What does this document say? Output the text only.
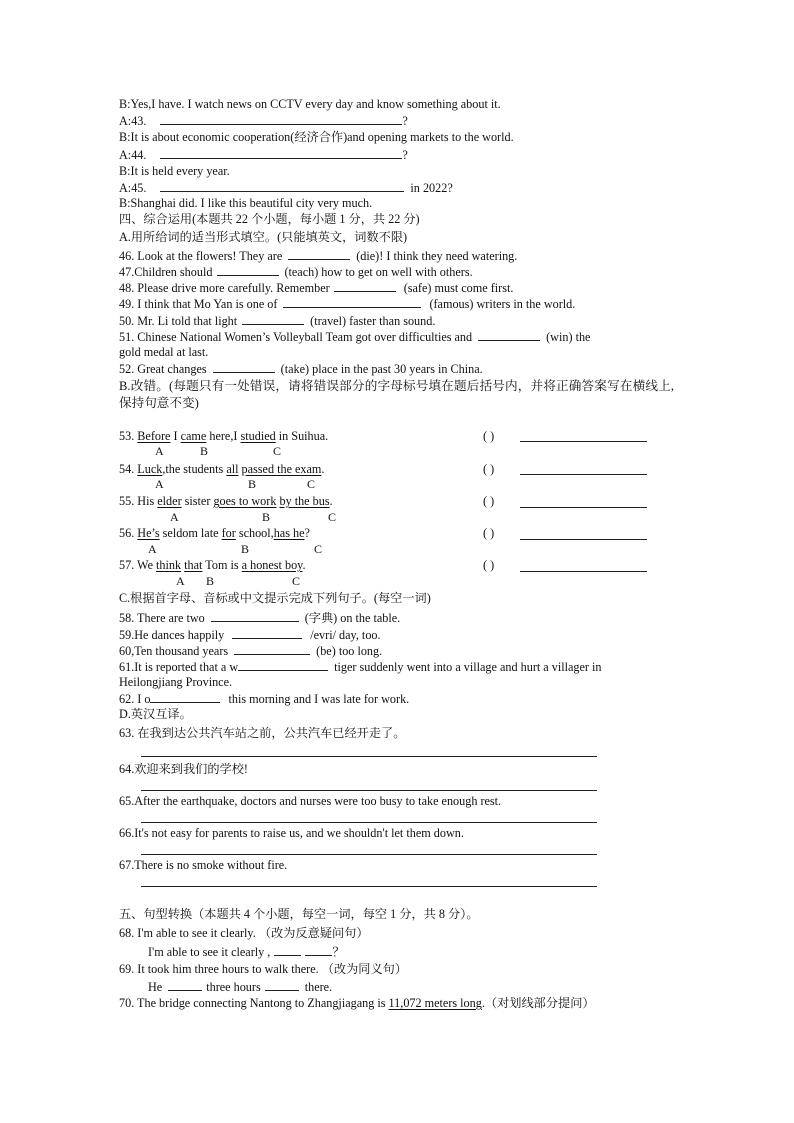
B:Yes,I have. I watch news on CCTV every day and know something about it.
A:43.	?
B:It is about economic cooperation(经济合作)and opening markets to the world.
A:44.	?
B:It is held every year.
A:45.	in 2022?
B:Shanghai did. I like this beautiful city very much.
四、综合运用(本题共 22 个小题，每小题 1 分，共 22 分)
A.用所给词的适当形式填空。(只能填英文，词数不限)
46. Look at the flowers! They are	(die)! I think they need watering.
47.Children should	(teach) how to get on well with others.
48. Please drive more carefully. Remember	(safe) must come first.
49. I think that Mo Yan is one of	(famous) writers in the world.
50. Mr. Li told that light	(travel) faster than sound.
51. Chinese National Women’s Volleyball Team got over difficulties and	(win) the
gold medal at last.
52. Great changes	(take) place in the past 30 years in China.
B.改错。(每题只有一处错误，请将错误部分的字母标号填在题后括号内，并将正确答案写在横线上,保持句意不变)
53. Before I came here,I studied in Suihua.
A	B	C
( )
54. Luck,the students all passed the exam.
A	B	C
( )
55. His elder sister goes to work by the bus.
A	B	C
( )
56. He’s seldom late for school,has he?
A	B	C
( )
57. We think that Tom is a honest boy.
A B	C
( )
C.根据首字母、音标或中文提示完成下列句子。(每空一词)
58. There are two	(字典) on the table.
59.He dances happily	/evri/ day, too.
60,Ten thousand years	(be) too long.
61.It is reported that a w	tiger suddenly went into a village and hurt a villager in
Heilongjiang Province.
62. I o	this morning and I was late for work.
D.英汉互译。
63. 在我到达公共汽车站之前，公共汽车已经开走了。
64.欢迎来到我们的学校!
65.After the earthquake, doctors and nurses were too busy to take enough rest.
66.It's not easy for parents to raise us, and we shouldn't let them down.
67.There is no smoke without fire.
五、句型转换（本题共 4 个小题，每空一词，每空 1 分，共 8 分）。
68. I'm able to see it clearly. （改为反意疑问句）
I'm able to see it clearly ,	？
69. It took him three hours to walk there. （改为同义句）
He	three hours	there.
70. The bridge connecting Nantong to Zhangjiagang is 11,072 meters long.（对划线部分提问）
